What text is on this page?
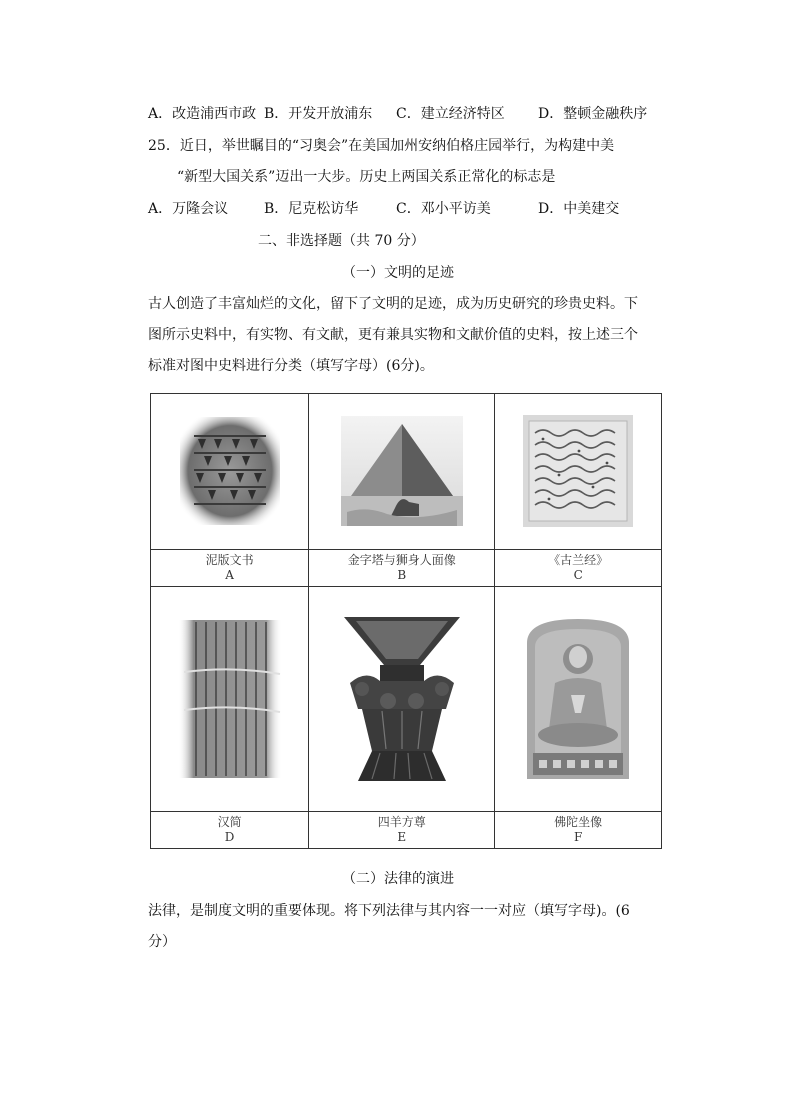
A．改造浦西市政 B．开发开放浦东 C．建立经济特区 D．整顿金融秩序
25．近日，举世瞩目的“习奥会”在美国加州安纳伯格庄园举行，为构建中美
“新型大国关系”迈出一大步。历史上两国关系正常化的标志是
A．万隆会议	B．尼克松访华	C．邓小平访美	D．中美建交
二、非选择题（共 70 分）
（一）文明的足迹
古人创造了丰富灿烂的文化，留下了文明的足迹，成为历史研究的珍贵史料。下
图所示史料中，有实物、有文献，更有兼具实物和文献价值的史料，按上述三个
标准对图中史料进行分类（填写字母）(6分)。

泥版文书
A	金字塔与狮身人面像
B	《古兰经》
C

汉简
D	四羊方尊
E	佛陀坐像
F
（二）法律的演进
法律，是制度文明的重要体现。将下列法律与其内容一一对应（填写字母)。(6
分）
